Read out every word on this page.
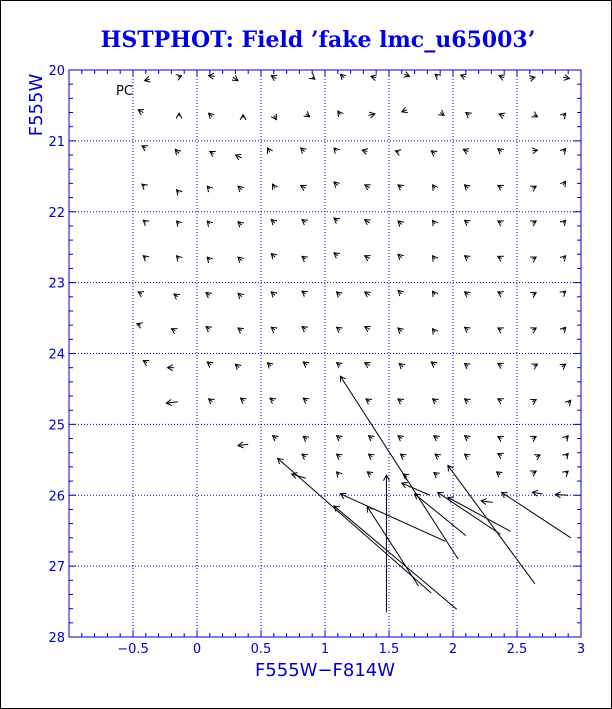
HSTPHOT: Field ’fake lmc_u65003’
−0.5	0	0.5	1	1.5	2	2.5	3
20
21
22
23
24
25
26
27
28
PC
F555W−F814W
F555W
